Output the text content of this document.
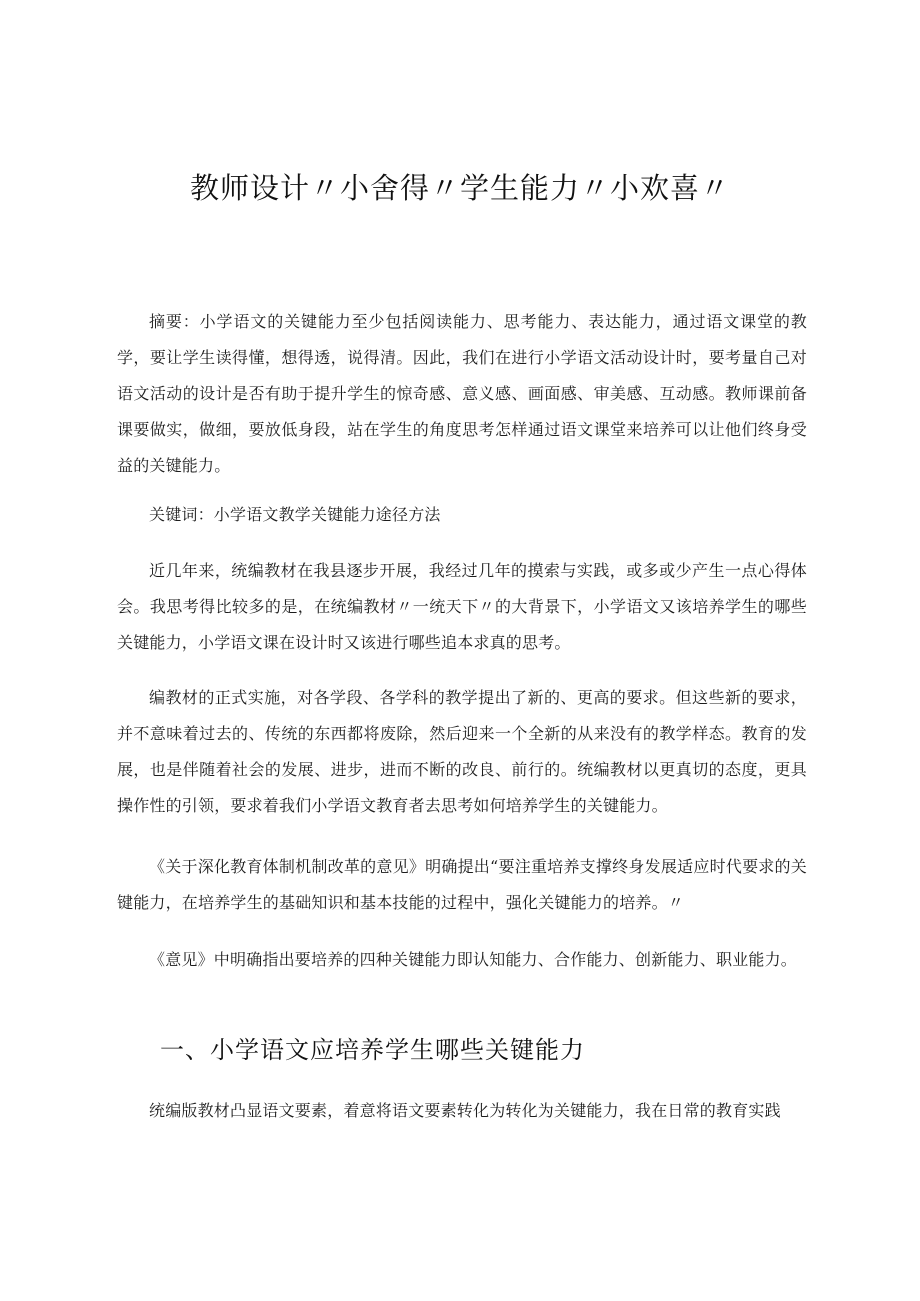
教师设计〃小舍得〃学生能力〃小欢喜〃

摘要：小学语文的关键能力至少包括阅读能力、思考能力、表达能力，通过语文课堂的教学，要让学生读得懂，想得透，说得清。因此，我们在进行小学语文活动设计时，要考量自己对语文活动的设计是否有助于提升学生的惊奇感、意义感、画面感、审美感、互动感。教师课前备课要做实，做细，要放低身段，站在学生的角度思考怎样通过语文课堂来培养可以让他们终身受益的关键能力。

关键词：小学语文教学关键能力途径方法

近几年来，统编教材在我县逐步开展，我经过几年的摸索与实践，或多或少产生一点心得体会。我思考得比较多的是，在统编教材〃一统天下〃的大背景下，小学语文又该培养学生的哪些关键能力，小学语文课在设计时又该进行哪些追本求真的思考。

编教材的正式实施，对各学段、各学科的教学提出了新的、更高的要求。但这些新的要求，并不意味着过去的、传统的东西都将废除，然后迎来一个全新的从来没有的教学样态。教育的发展，也是伴随着社会的发展、进步，进而不断的改良、前行的。统编教材以更真切的态度，更具操作性的引领，要求着我们小学语文教育者去思考如何培养学生的关键能力。

《关于深化教育体制机制改革的意见》明确提出“要注重培养支撑终身发展适应时代要求的关键能力，在培养学生的基础知识和基本技能的过程中，强化关键能力的培养。〃

《意见》中明确指出要培养的四种关键能力即认知能力、合作能力、创新能力、职业能力。

一、小学语文应培养学生哪些关键能力

统编版教材凸显语文要素，着意将语文要素转化为转化为关键能力，我在日常的教育实践
